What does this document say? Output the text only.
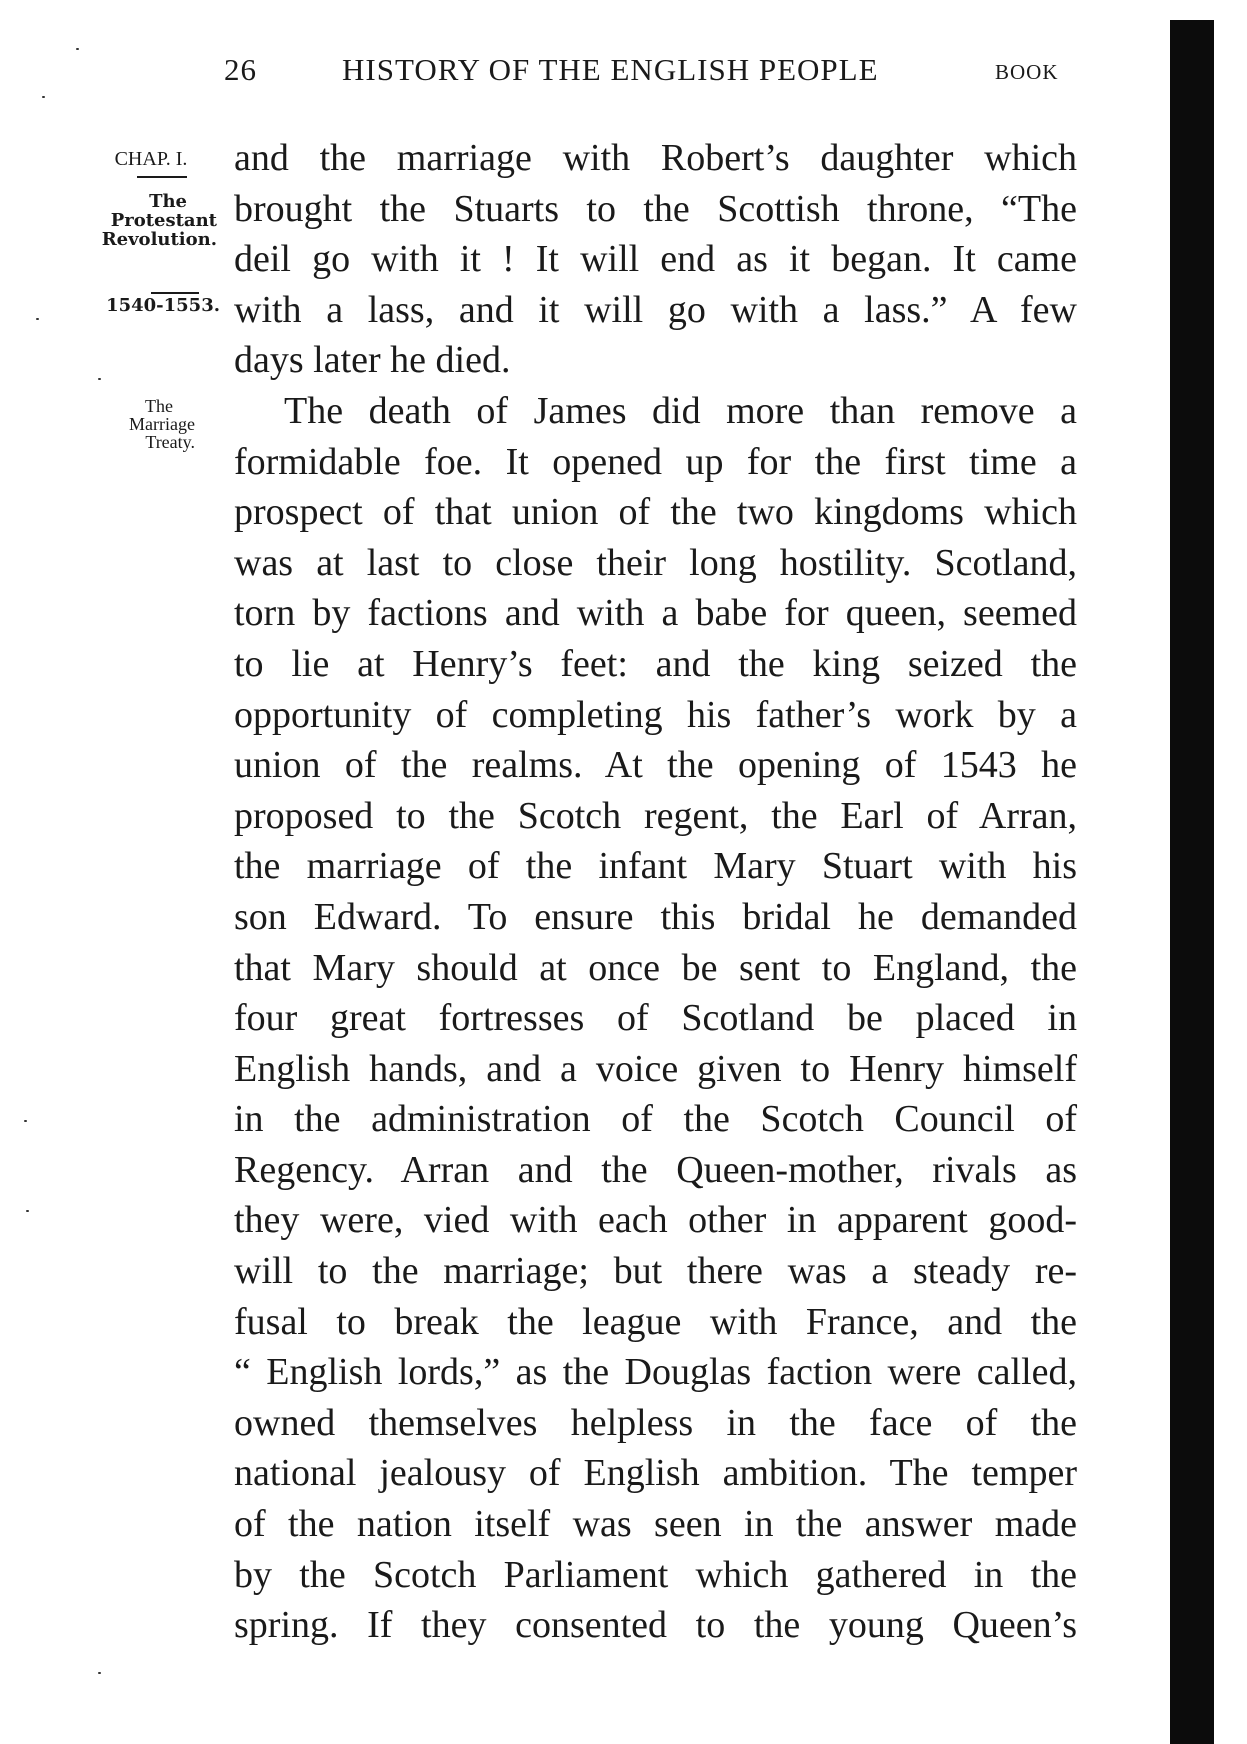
26	HISTORY OF THE ENGLISH PEOPLE	BOOK
CHAP. I.
The
Protestant
Revolution.
1540-1553.
The
Marriage
Treaty.
and the marriage with Robert’s daughter which
brought the Stuarts to the Scottish throne, “The
deil go with it ! It will end as it began. It came
with a lass, and it will go with a lass.” A few
days later he died.
The death of James did more than remove a
formidable foe. It opened up for the first time a
prospect of that union of the two kingdoms which
was at last to close their long hostility. Scotland,
torn by factions and with a babe for queen, seemed
to lie at Henry’s feet: and the king seized the
opportunity of completing his father’s work by a
union of the realms. At the opening of 1543 he
proposed to the Scotch regent, the Earl of Arran,
the marriage of the infant Mary Stuart with his
son Edward. To ensure this bridal he demanded
that Mary should at once be sent to England, the
four great fortresses of Scotland be placed in
English hands, and a voice given to Henry himself
in the administration of the Scotch Council of
Regency. Arran and the Queen-mother, rivals as
they were, vied with each other in apparent good-
will to the marriage; but there was a steady re-
fusal to break the league with France, and the
“ English lords,” as the Douglas faction were called,
owned themselves helpless in the face of the
national jealousy of English ambition. The temper
of the nation itself was seen in the answer made
by the Scotch Parliament which gathered in the
spring. If they consented to the young Queen’s
